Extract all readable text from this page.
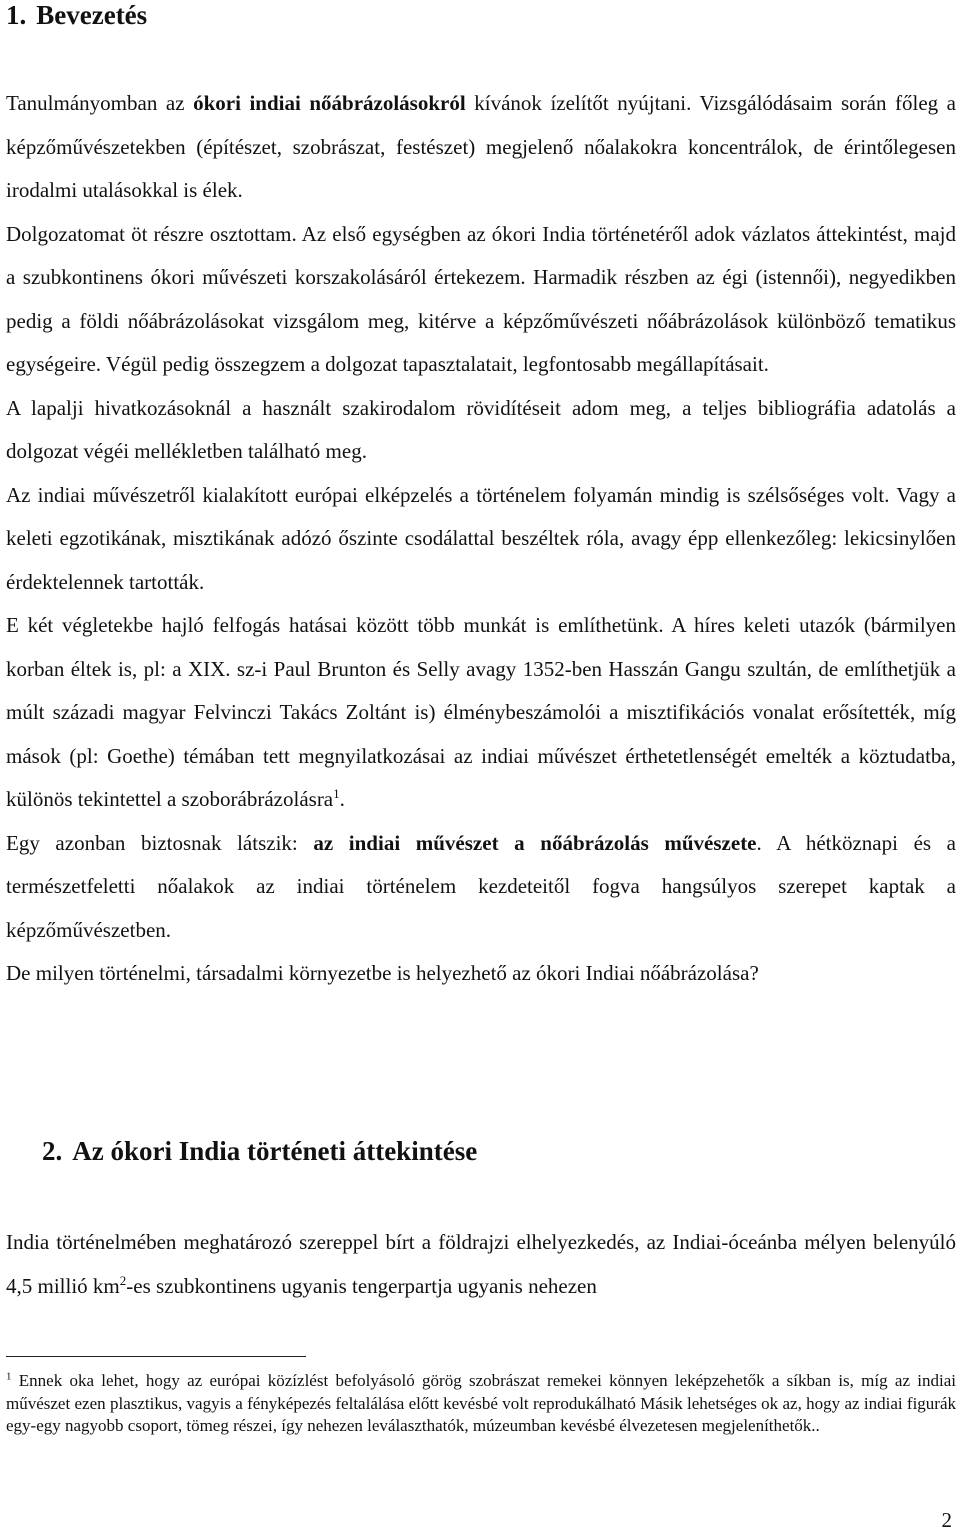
1. Bevezetés

Tanulmányomban az ókori indiai nőábrázolásokról kívánok ízelítőt nyújtani. Vizsgálódásaim során főleg a képzőművészetekben (építészet, szobrászat, festészet) megjelenő nőalakokra koncentrálok, de érintőlegesen irodalmi utalásokkal is élek.

Dolgozatomat öt részre osztottam. Az első egységben az ókori India történetéről adok vázlatos áttekintést, majd a szubkontinens ókori művészeti korszakolásáról értekezem. Harmadik részben az égi (istennői), negyedikben pedig a földi nőábrázolásokat vizsgálom meg, kitérve a képzőművészeti nőábrázolások különböző tematikus egységeire. Végül pedig összegzem a dolgozat tapasztalatait, legfontosabb megállapításait.

A lapalji hivatkozásoknál a használt szakirodalom rövidítéseit adom meg, a teljes bibliográfia adatolás a dolgozat végéi mellékletben található meg.

Az indiai művészetről kialakított európai elképzelés a történelem folyamán mindig is szélsőséges volt. Vagy a keleti egzotikának, misztikának adózó őszinte csodálattal beszéltek róla, avagy épp ellenkezőleg: lekicsinylően érdektelennek tartották.

E két végletekbe hajló felfogás hatásai között több munkát is említhetünk. A híres keleti utazók (bármilyen korban éltek is, pl: a XIX. sz-i Paul Brunton és Selly avagy 1352-ben Hasszán Gangu szultán, de említhetjük a múlt századi magyar Felvinczi Takács Zoltánt is) élménybeszámolói a misztifikációs vonalat erősítették, míg mások (pl: Goethe) témában tett megnyilatkozásai az indiai művészet érthetetlenségét emelték a köztudatba, különös tekintettel a szoborábrázolásra$^1$.

Egy azonban biztosnak látszik: az indiai művészet a nőábrázolás művészete. A hétköznapi és a természetfeletti nőalakok az indiai történelem kezdeteitől fogva hangsúlyos szerepet kaptak a képzőművészetben.

De milyen történelmi, társadalmi környezetbe is helyezhető az ókori Indiai nőábrázolása?

2. Az ókori India történeti áttekintése

India történelmében meghatározó szereppel bírt a földrajzi elhelyezkedés, az Indiai-óceánba mélyen belenyúló 4,5 millió $km^2-es$ szubkontinens ugyanis tengerpartja ugyanis nehezen

$^1$ Ennek oka lehet, hogy az európai közízlést befolyásoló görög szobrászat remekei könnyen leképzehetők a síkban is, míg az indiai művészet ezen plasztikus, vagyis a fényképezés feltalálása előtt kevésbé volt reprodukálható Másik lehetséges ok az, hogy az indiai figurák egy-egy nagyobb csoport, tömeg részei, így nehezen leválaszthatók, múzeumban kevésbé élvezetesen megjeleníthetők..
2
